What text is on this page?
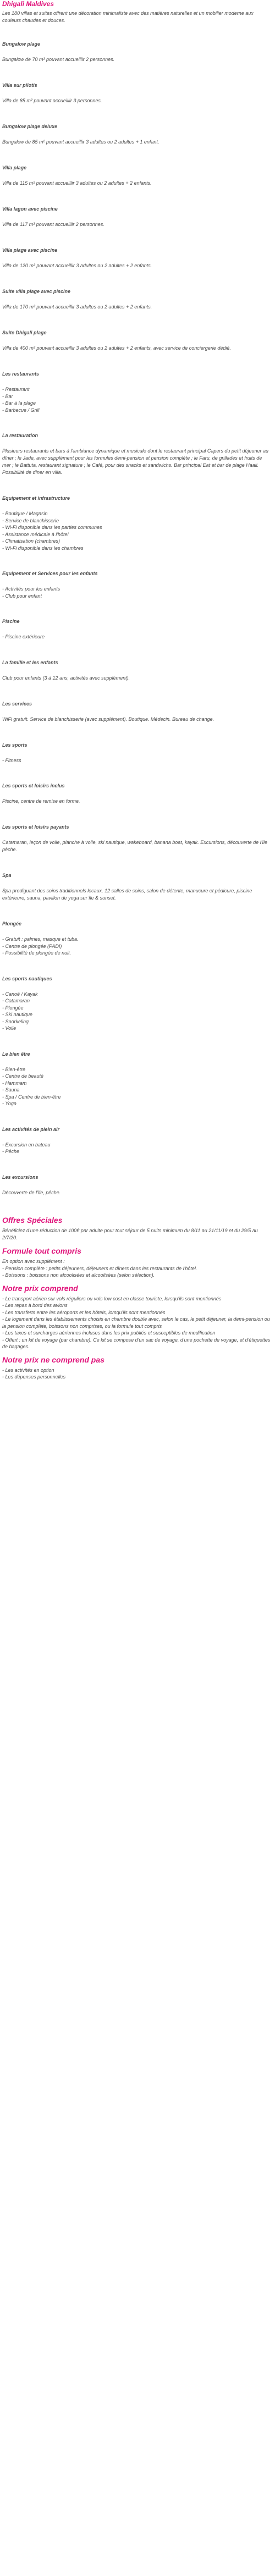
Dhigali Maldives

Les 180 villas et suites offrent une décoration minimaliste avec des matières naturelles et un mobilier moderne aux couleurs chaudes et douces.

Bungalow plage

Bungalow de 70 m² pouvant accueillir 2 personnes.

Villa sur pilotis

Villa de 85 m² pouvant accueillir 3 personnes.

Bungalow plage deluxe

Bungalow de 85 m² pouvant accueillir 3 adultes ou 2 adultes + 1 enfant.

Villa plage

Villa de 115 m² pouvant accueillir 3 adultes ou 2 adultes + 2 enfants.

Villa lagon avec piscine

Villa de 117 m² pouvant accueillir 2 personnes.

Villa plage avec piscine

Villa de 120 m² pouvant accueillir 3 adultes ou 2 adultes + 2 enfants.

Suite villa plage avec piscine

Villa de 170 m² pouvant accueillir 3 adultes ou 2 adultes + 2 enfants.

Suite Dhigali plage

Villa de 400 m² pouvant accueillir 3 adultes ou 2 adultes + 2 enfants, avec service de conciergerie dédié.

Les restaurants
- Restaurant
- Bar
- Bar à la plage
- Barbecue / Grill
La restauration

Plusieurs restaurants et bars à l'ambiance dynamique et musicale dont le restaurant principal Capers du petit déjeuner au dîner ; le Jade, avec supplément pour les formules demi-pension et pension complète ; le Faru, de grillades et fruits de mer ; le Battuta, restaurant signature ; le Café, pour des snacks et sandwichs. Bar principal Eat et bar de plage Haali. Possibilité de dîner en villa.

Equipement et infrastructure
- Boutique / Magasin
- Service de blanchisserie
- Wi-Fi disponible dans les parties communes
- Assistance médicale à l'hôtel
- Climatisation (chambres)
- Wi-Fi disponible dans les chambres
Equipement et Services pour les enfants
- Activités pour les enfants
- Club pour enfant
Piscine
- Piscine extérieure
La famille et les enfants

Club pour enfants (3 à 12 ans, activités avec supplément).

Les services

WiFi gratuit. Service de blanchisserie (avec supplément). Boutique. Médecin. Bureau de change.

Les sports
- Fitness
Les sports et loisirs inclus

Piscine, centre de remise en forme.

Les sports et loisirs payants

Catamaran, leçon de voile, planche à voile, ski nautique, wakeboard, banana boat, kayak. Excursions, découverte de l'île pêche.

Spa

Spa prodiguant des soins traditionnels locaux. 12 salles de soins, salon de détente, manucure et pédicure, piscine extérieure, sauna, pavillon de yoga sur île & sunset.

Plongée
- Gratuit : palmes, masque et tuba.
- Centre de plongée (PADI)
- Possibilité de plongée de nuit.
Les sports nautiques
- Canoë / Kayak
- Catamaran
- Plongée
- Ski nautique
- Snorkeling
- Voile
Le bien être
- Bien-être
- Centre de beauté
- Hammam
- Sauna
- Spa / Centre de bien-être
- Yoga
Les activités de plein air
- Excursion en bateau
- Pêche
Les excursions

Découverte de l'île, pêche.

Offres Spéciales

Bénéficiez d'une réduction de 100€ par adulte pour tout séjour de 5 nuits minimum du 8/11 au 21/11/19 et du 29/5 au 2/7/20.

Formule tout compris

En option avec supplément :

- Pension complète : petits déjeuners, déjeuners et dîners dans les restaurants de l'hôtel.
- Boissons : boissons non alcoolisées et alcoolisées (selon sélection).
Notre prix comprend
- Le transport aérien sur vols réguliers ou vols low cost en classe touriste, lorsqu'ils sont mentionnés
- Les repas à bord des avions
- Les transferts entre les aéroports et les hôtels, lorsqu'ils sont mentionnés
- Le logement dans les établissements choisis en chambre double avec, selon le cas, le petit déjeuner, la demi-pension ou la pension complète, boissons non comprises, ou la formule tout compris
- Les taxes et surcharges aériennes incluses dans les prix publiés et susceptibles de modification
- Offert : un kit de voyage (par chambre). Ce kit se compose d'un sac de voyage, d'une pochette de voyage, et d'étiquettes de bagages.
Notre prix ne comprend pas
- Les activités en option
- Les dépenses personnelles
